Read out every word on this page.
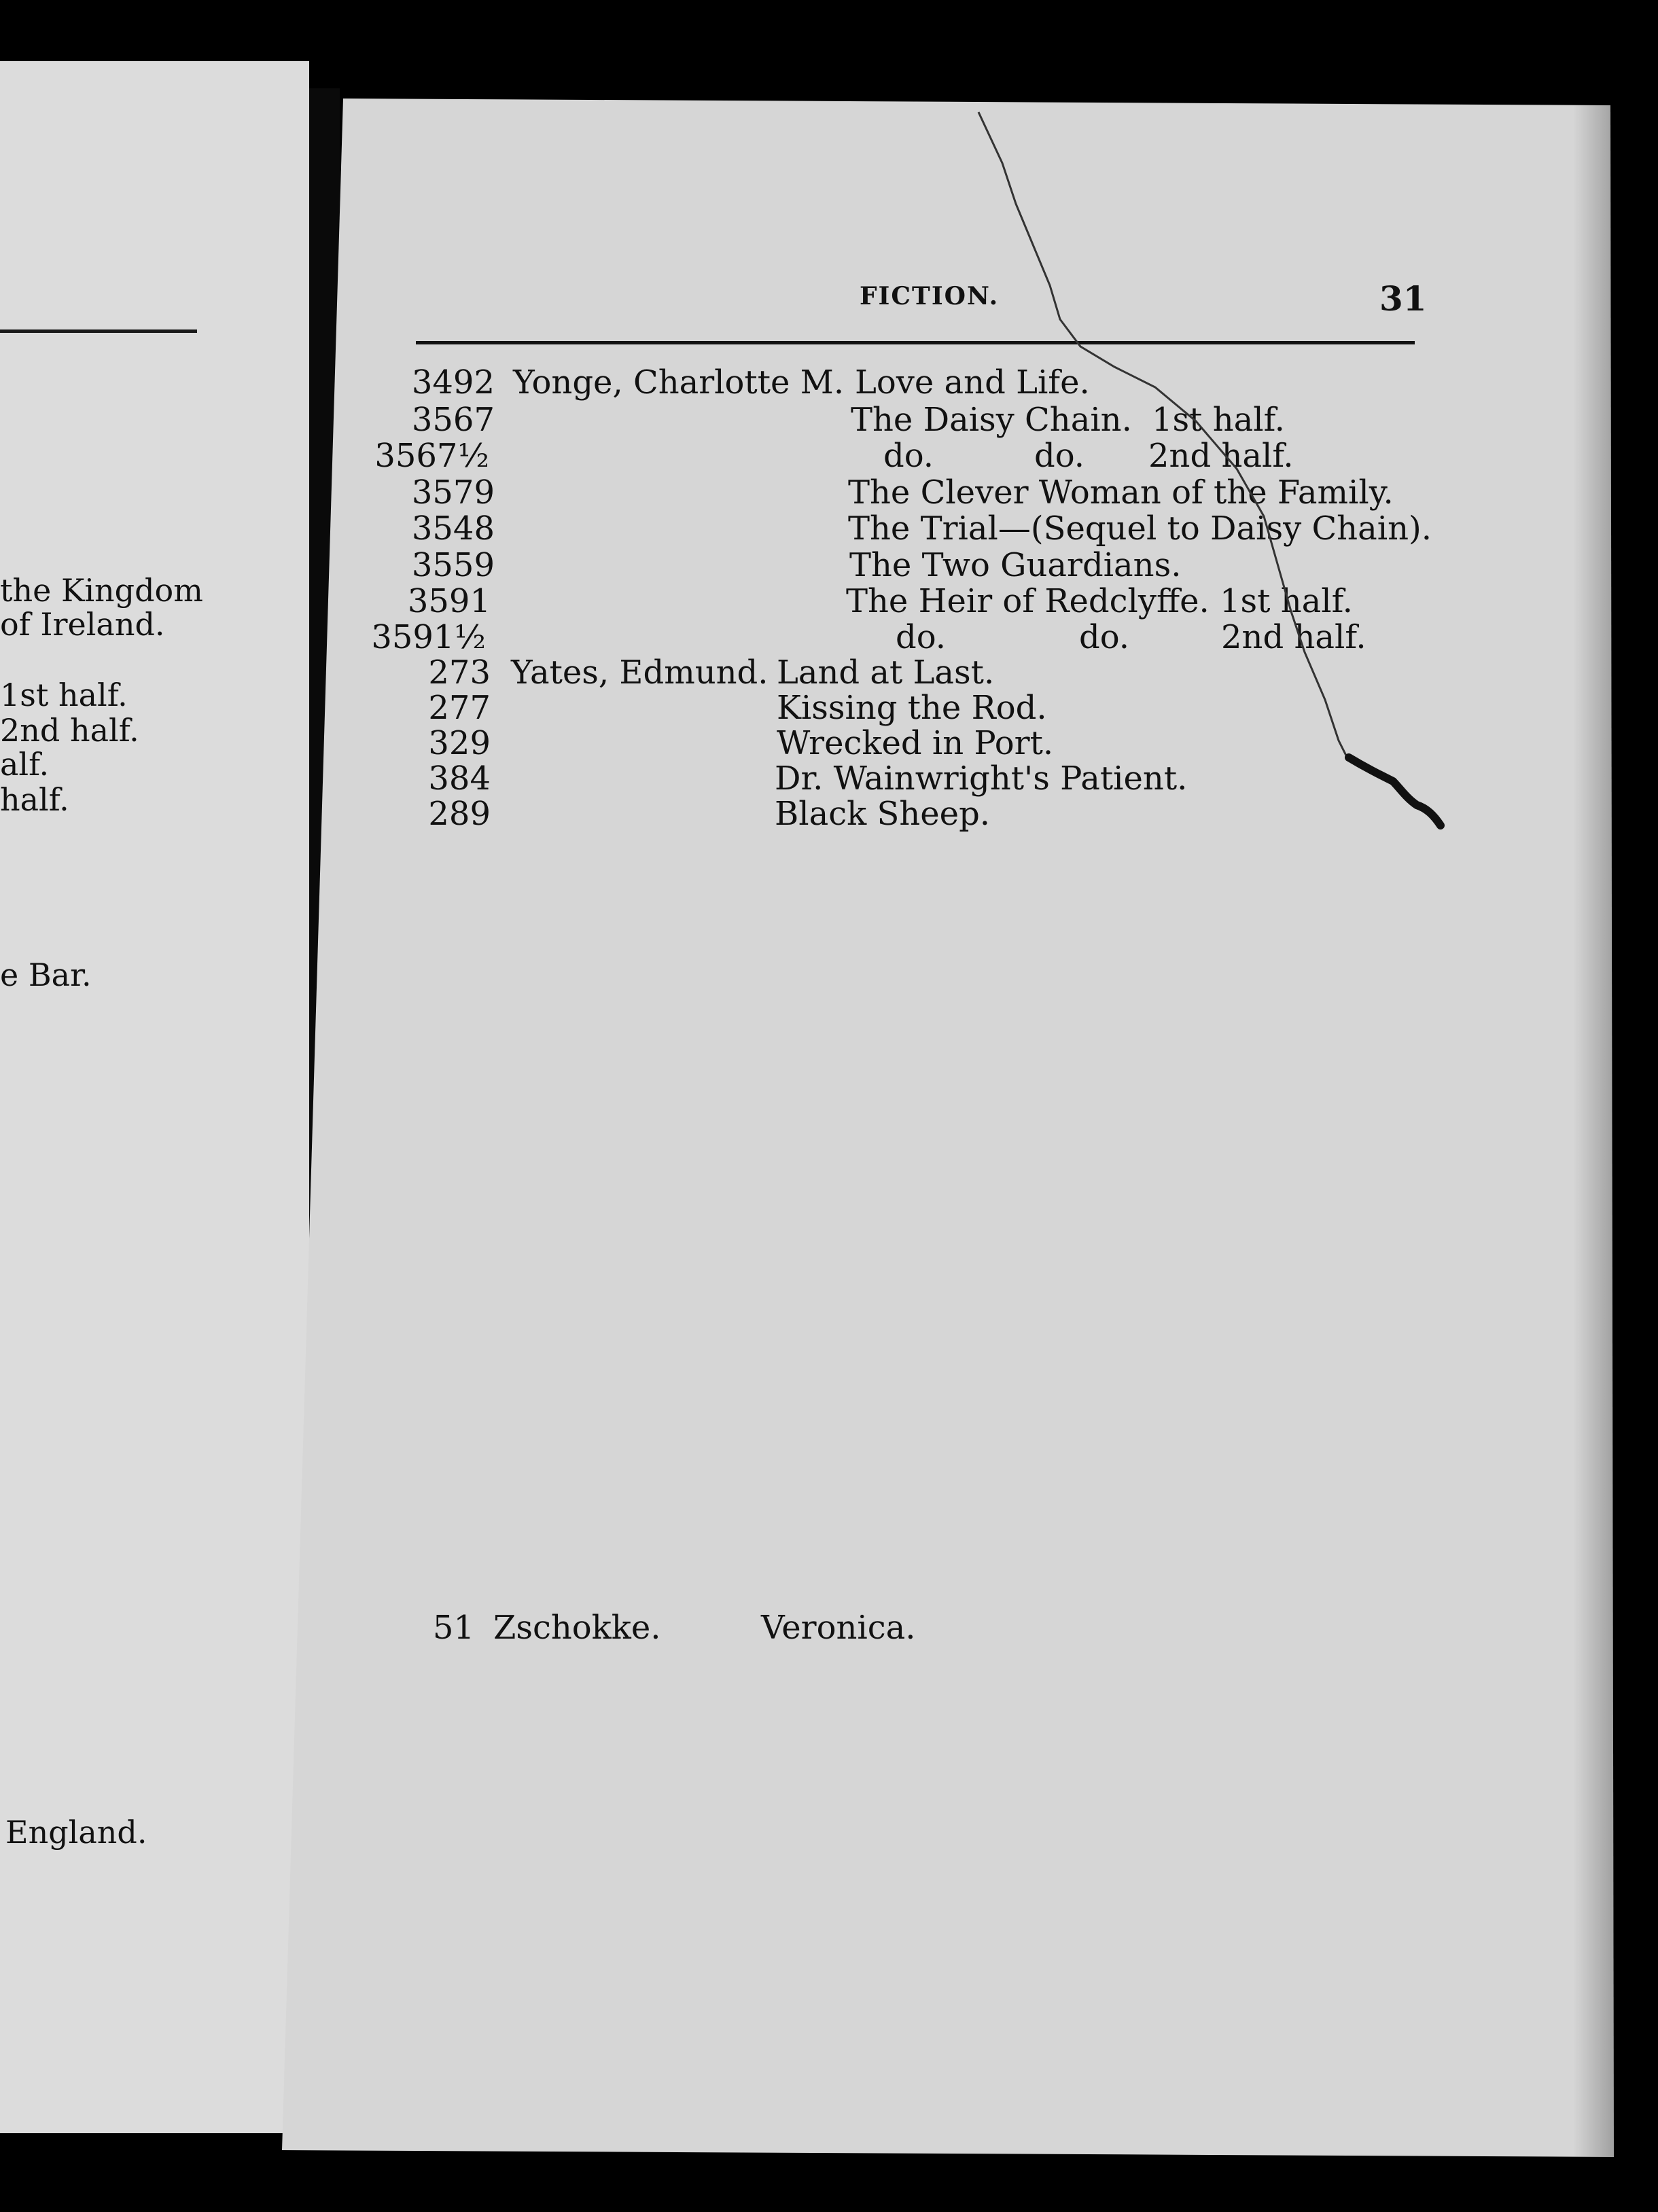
the Kingdom
of Ireland.
1st half.
2nd half.
alf.
half.
e Bar.
England.
FICTION.	31
3492 Yonge, Charlotte M. Love and Life.
3567	The Daisy Chain. 1st half.
3567½	do.	do. 2nd half.
3579	The Clever Woman of the Family.
3548	The Trial—(Sequel to Daisy Chain).
3559	The Two Guardians.
3591	The Heir of Redclyffe. 1st half.
3591½	do.	do.	2nd half.
273 Yates, Edmund. Land at Last.
277	Kissing the Rod.
329	Wrecked in Port.
384	Dr. Wainwright's Patient.
289	Black Sheep.
51 Zschokke.	Veronica.
